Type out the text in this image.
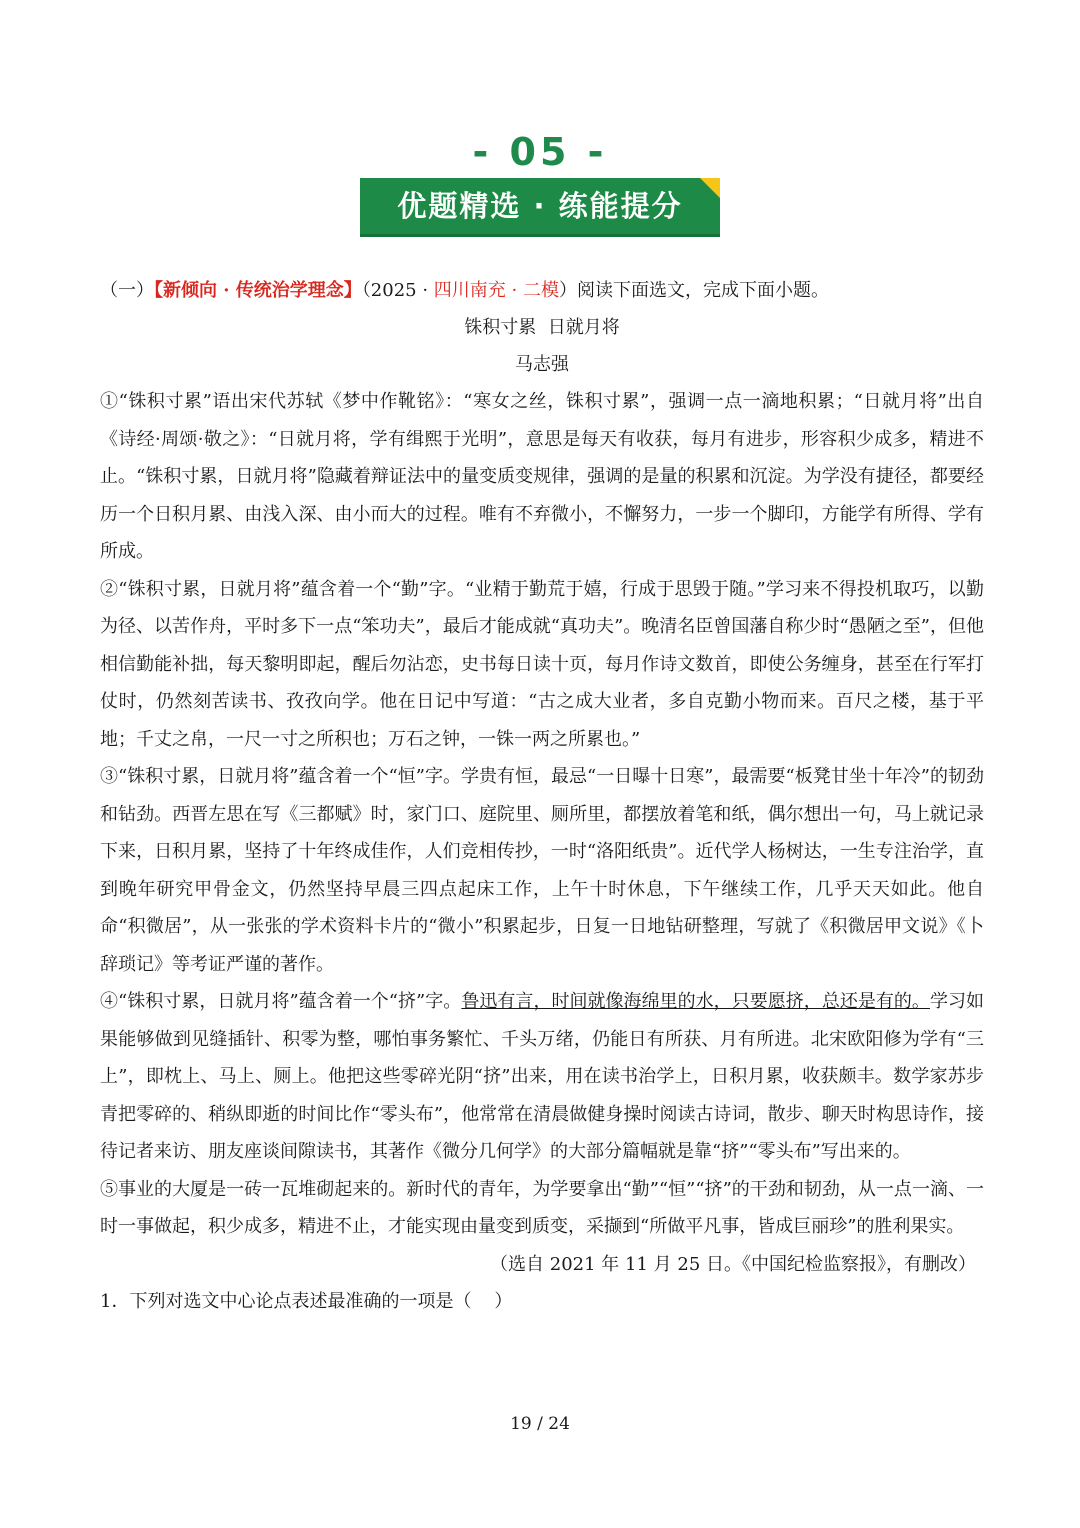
- 05 -
优题精选 · 练能提分

（一）【新倾向 · 传统治学理念】（2025 · 四川南充 · 二模）阅读下面选文，完成下面小题。

铢积寸累  日就月将

马志强

①“铢积寸累”语出宋代苏轼《梦中作靴铭》：“寒女之丝，铢积寸累”，强调一点一滴地积累；“日就月将”出自《诗经·周颂·敬之》：“日就月将，学有缉熙于光明”，意思是每天有收获，每月有进步，形容积少成多，精进不止。“铢积寸累，日就月将”隐藏着辩证法中的量变质变规律，强调的是量的积累和沉淀。为学没有捷径，都要经历一个日积月累、由浅入深、由小而大的过程。唯有不弃微小，不懈努力，一步一个脚印，方能学有所得、学有所成。

②“铢积寸累，日就月将”蕴含着一个“勤”字。“业精于勤荒于嬉，行成于思毁于随。”学习来不得投机取巧，以勤为径、以苦作舟，平时多下一点“笨功夫”，最后才能成就“真功夫”。晚清名臣曾国藩自称少时“愚陋之至”，但他相信勤能补拙，每天黎明即起，醒后勿沾恋，史书每日读十页，每月作诗文数首，即使公务缠身，甚至在行军打仗时，仍然刻苦读书、孜孜向学。他在日记中写道：“古之成大业者，多自克勤小物而来。百尺之楼，基于平地；千丈之帛，一尺一寸之所积也；万石之钟，一铢一两之所累也。”

③“铢积寸累，日就月将”蕴含着一个“恒”字。学贵有恒，最忌“一日曝十日寒”，最需要“板凳甘坐十年冷”的韧劲和钻劲。西晋左思在写《三都赋》时，家门口、庭院里、厕所里，都摆放着笔和纸，偶尔想出一句，马上就记录下来，日积月累，坚持了十年终成佳作，人们竞相传抄，一时“洛阳纸贵”。近代学人杨树达，一生专注治学，直到晚年研究甲骨金文，仍然坚持早晨三四点起床工作，上午十时休息，下午继续工作，几乎天天如此。他自命“积微居”，从一张张的学术资料卡片的“微小”积累起步，日复一日地钻研整理，写就了《积微居甲文说》《卜辞琐记》等考证严谨的著作。

④“铢积寸累，日就月将”蕴含着一个“挤”字。鲁迅有言，时间就像海绵里的水，只要愿挤，总还是有的。学习如果能够做到见缝插针、积零为整，哪怕事务繁忙、千头万绪，仍能日有所获、月有所进。北宋欧阳修为学有“三上”，即枕上、马上、厕上。他把这些零碎光阴“挤”出来，用在读书治学上，日积月累，收获颇丰。数学家苏步青把零碎的、稍纵即逝的时间比作“零头布”，他常常在清晨做健身操时阅读古诗词，散步、聊天时构思诗作，接待记者来访、朋友座谈间隙读书，其著作《微分几何学》的大部分篇幅就是靠“挤”“零头布”写出来的。

⑤事业的大厦是一砖一瓦堆砌起来的。新时代的青年，为学要拿出“勤”“恒”“挤”的干劲和韧劲，从一点一滴、一时一事做起，积少成多，精进不止，才能实现由量变到质变，采撷到“所做平凡事，皆成巨丽珍”的胜利果实。

（选自 2021 年 11 月 25 日。《中国纪检监察报》，有删改）

1．下列对选文中心论点表述最准确的一项是（    ）

19 / 24
